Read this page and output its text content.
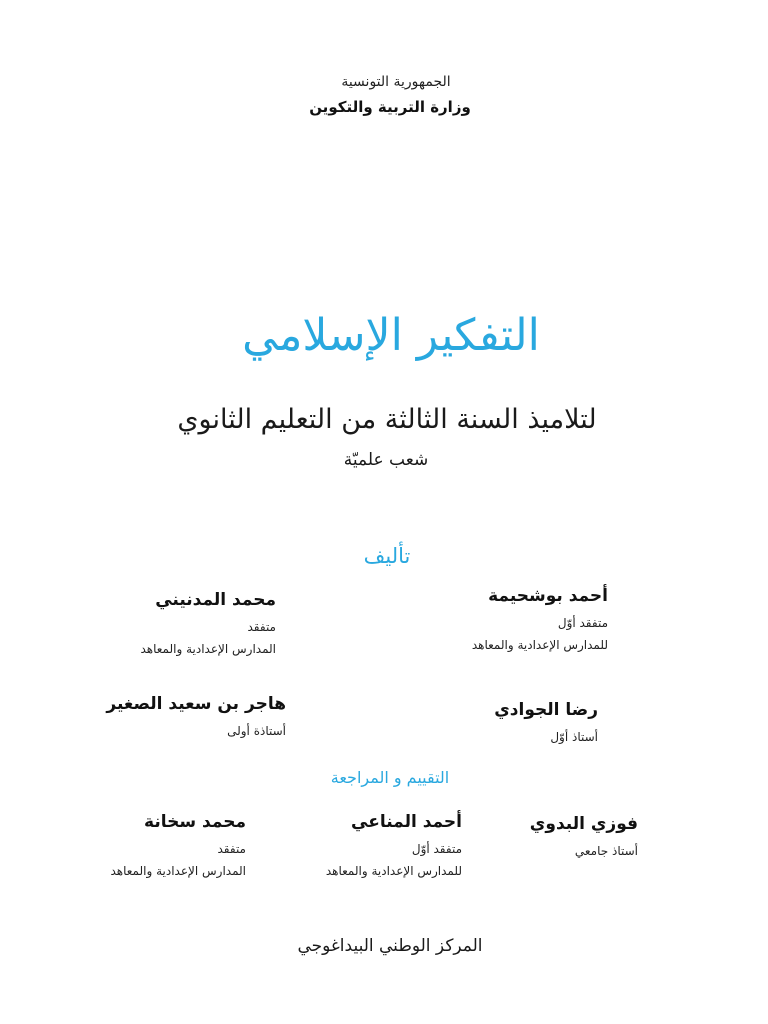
الجمهورية التونسية
وزارة التربية والتكوين
التفكير الإسلامي
لتلاميذ السنة الثالثة من التعليم الثانوي
شعب علميّة
تأليف
أحمد بوشحيمة
متفقد أوّل
للمدارس الإعدادية والمعاهد
محمد المدنيني
متفقد
المدارس الإعدادية والمعاهد
رضا الجوادي
أستاذ أوّل
هاجر بن سعيد الصغير
أستاذة أولى
التقييم و المراجعة
فوزي البدوي
أستاذ جامعي
أحمد المناعي
متفقد أوّل
للمدارس الإعدادية والمعاهد
محمد سخانة
متفقد
المدارس الإعدادية والمعاهد
المركز الوطني البيداغوجي
